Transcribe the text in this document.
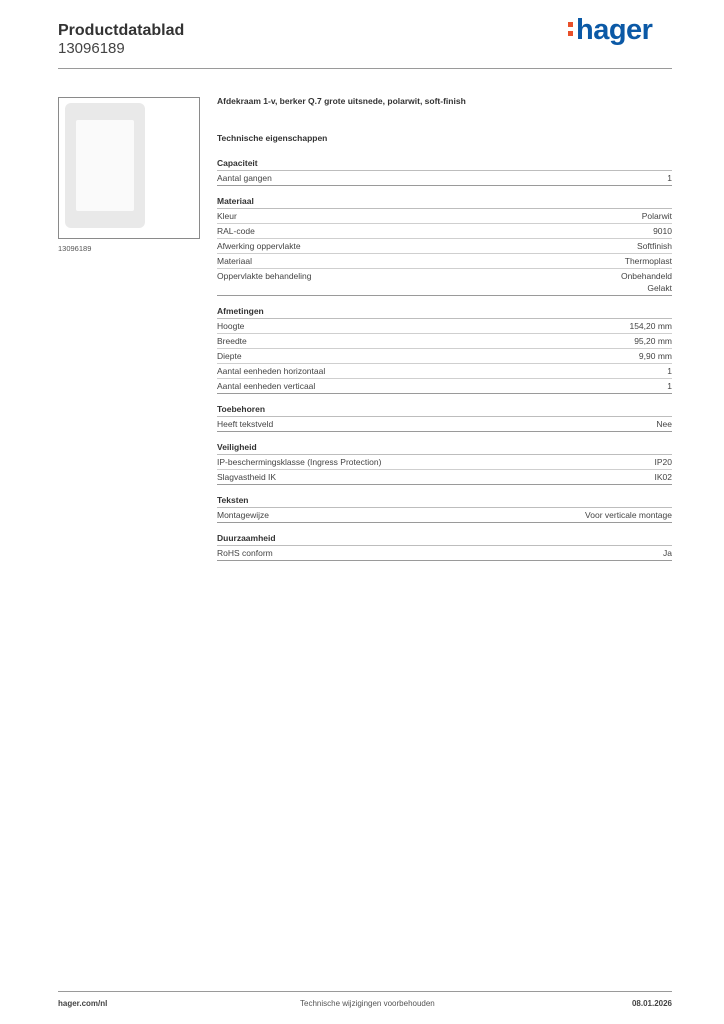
Productdatablad
13096189
hager
13096189
Afdekraam 1-v, berker Q.7 grote uitsnede, polarwit, soft-finish
Technische eigenschappen
Capaciteit
Aantal gangen	1
Materiaal
Kleur	Polarwit
RAL-code	9010
Afwerking oppervlakte	Softfinish
Materiaal	Thermoplast
Oppervlakte behandeling	Onbehandeld
Gelakt
Afmetingen
Hoogte	154,20 mm
Breedte	95,20 mm
Diepte	9,90 mm
Aantal eenheden horizontaal	1
Aantal eenheden verticaal	1
Toebehoren
Heeft tekstveld	Nee
Veiligheid
IP-beschermingsklasse (Ingress Protection)	IP20
Slagvastheid IK	IK02
Teksten
Montagewijze	Voor verticale montage
Duurzaamheid
RoHS conform	Ja
hager.com/nl	Technische wijzigingen voorbehouden	08.01.2026
